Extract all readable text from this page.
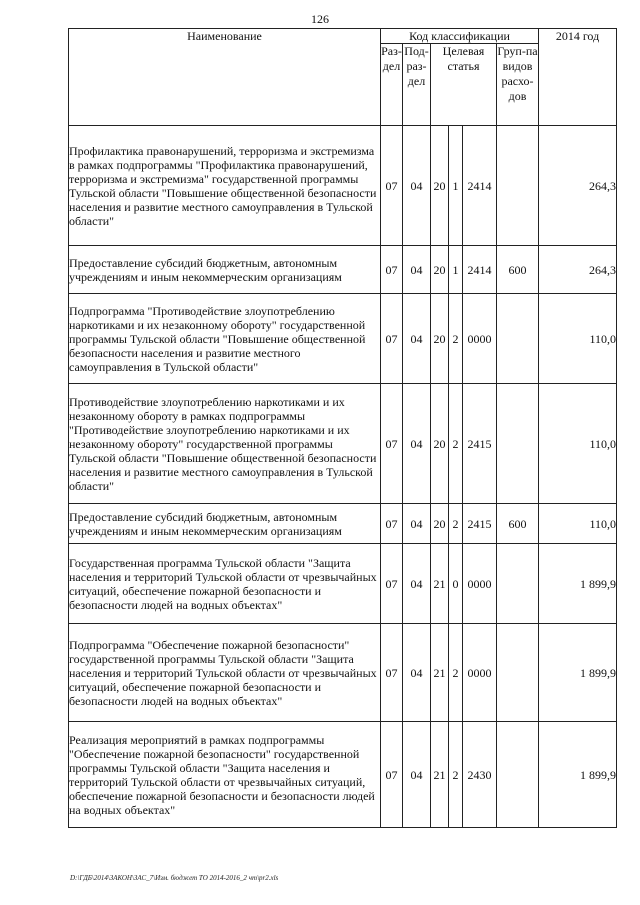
126
Наименование	Код классификации						2014 год
	Раз-дел	Под-раз-дел	Целевая статья			Груп-па видов расхо-дов	
Профилактика правонарушений, терроризма и экстремизма в рамках подпрограммы "Профилактика правонарушений, терроризма и экстремизма" государственной программы Тульской области "Повышение общественной безопасности населения и развитие местного самоуправления в Тульской области"	07	04	20	1	2414		264,3
Предоставление субсидий бюджетным, автономным учреждениям и иным некоммерческим организациям	07	04	20	1	2414	600	264,3
Подпрограмма "Противодействие злоупотреблению наркотиками и их незаконному обороту" государственной программы Тульской области "Повышение общественной безопасности населения и развитие местного самоуправления в Тульской области"	07	04	20	2	0000		110,0
Противодействие злоупотреблению наркотиками и их незаконному обороту в рамках подпрограммы "Противодействие злоупотреблению наркотиками и их незаконному обороту" государственной программы Тульской области "Повышение общественной безопасности населения и развитие местного самоуправления в Тульской области"	07	04	20	2	2415		110,0
Предоставление субсидий бюджетным, автономным учреждениям и иным некоммерческим организациям	07	04	20	2	2415	600	110,0
Государственная программа Тульской области "Защита населения и территорий Тульской области от чрезвычайных ситуаций, обеспечение пожарной безопасности и безопасности людей на водных объектах"	07	04	21	0	0000		1 899,9
Подпрограмма "Обеспечение пожарной безопасности" государственной программы Тульской области "Защита населения и территорий Тульской области от чрезвычайных ситуаций, обеспечение пожарной безопасности и безопасности людей на водных объектах"	07	04	21	2	0000		1 899,9
Реализация мероприятий в рамках подпрограммы "Обеспечение пожарной безопасности" государственной программы Тульской области "Защита населения и территорий Тульской области от чрезвычайных ситуаций, обеспечение пожарной безопасности и безопасности людей на водных объектах"	07	04	21	2	2430		1 899,9
D:\ГДБ\2014\ЗАКОН\ЗАС_7\Изм. бюджет ТО 2014-2016_2 чт\pr2.xls
